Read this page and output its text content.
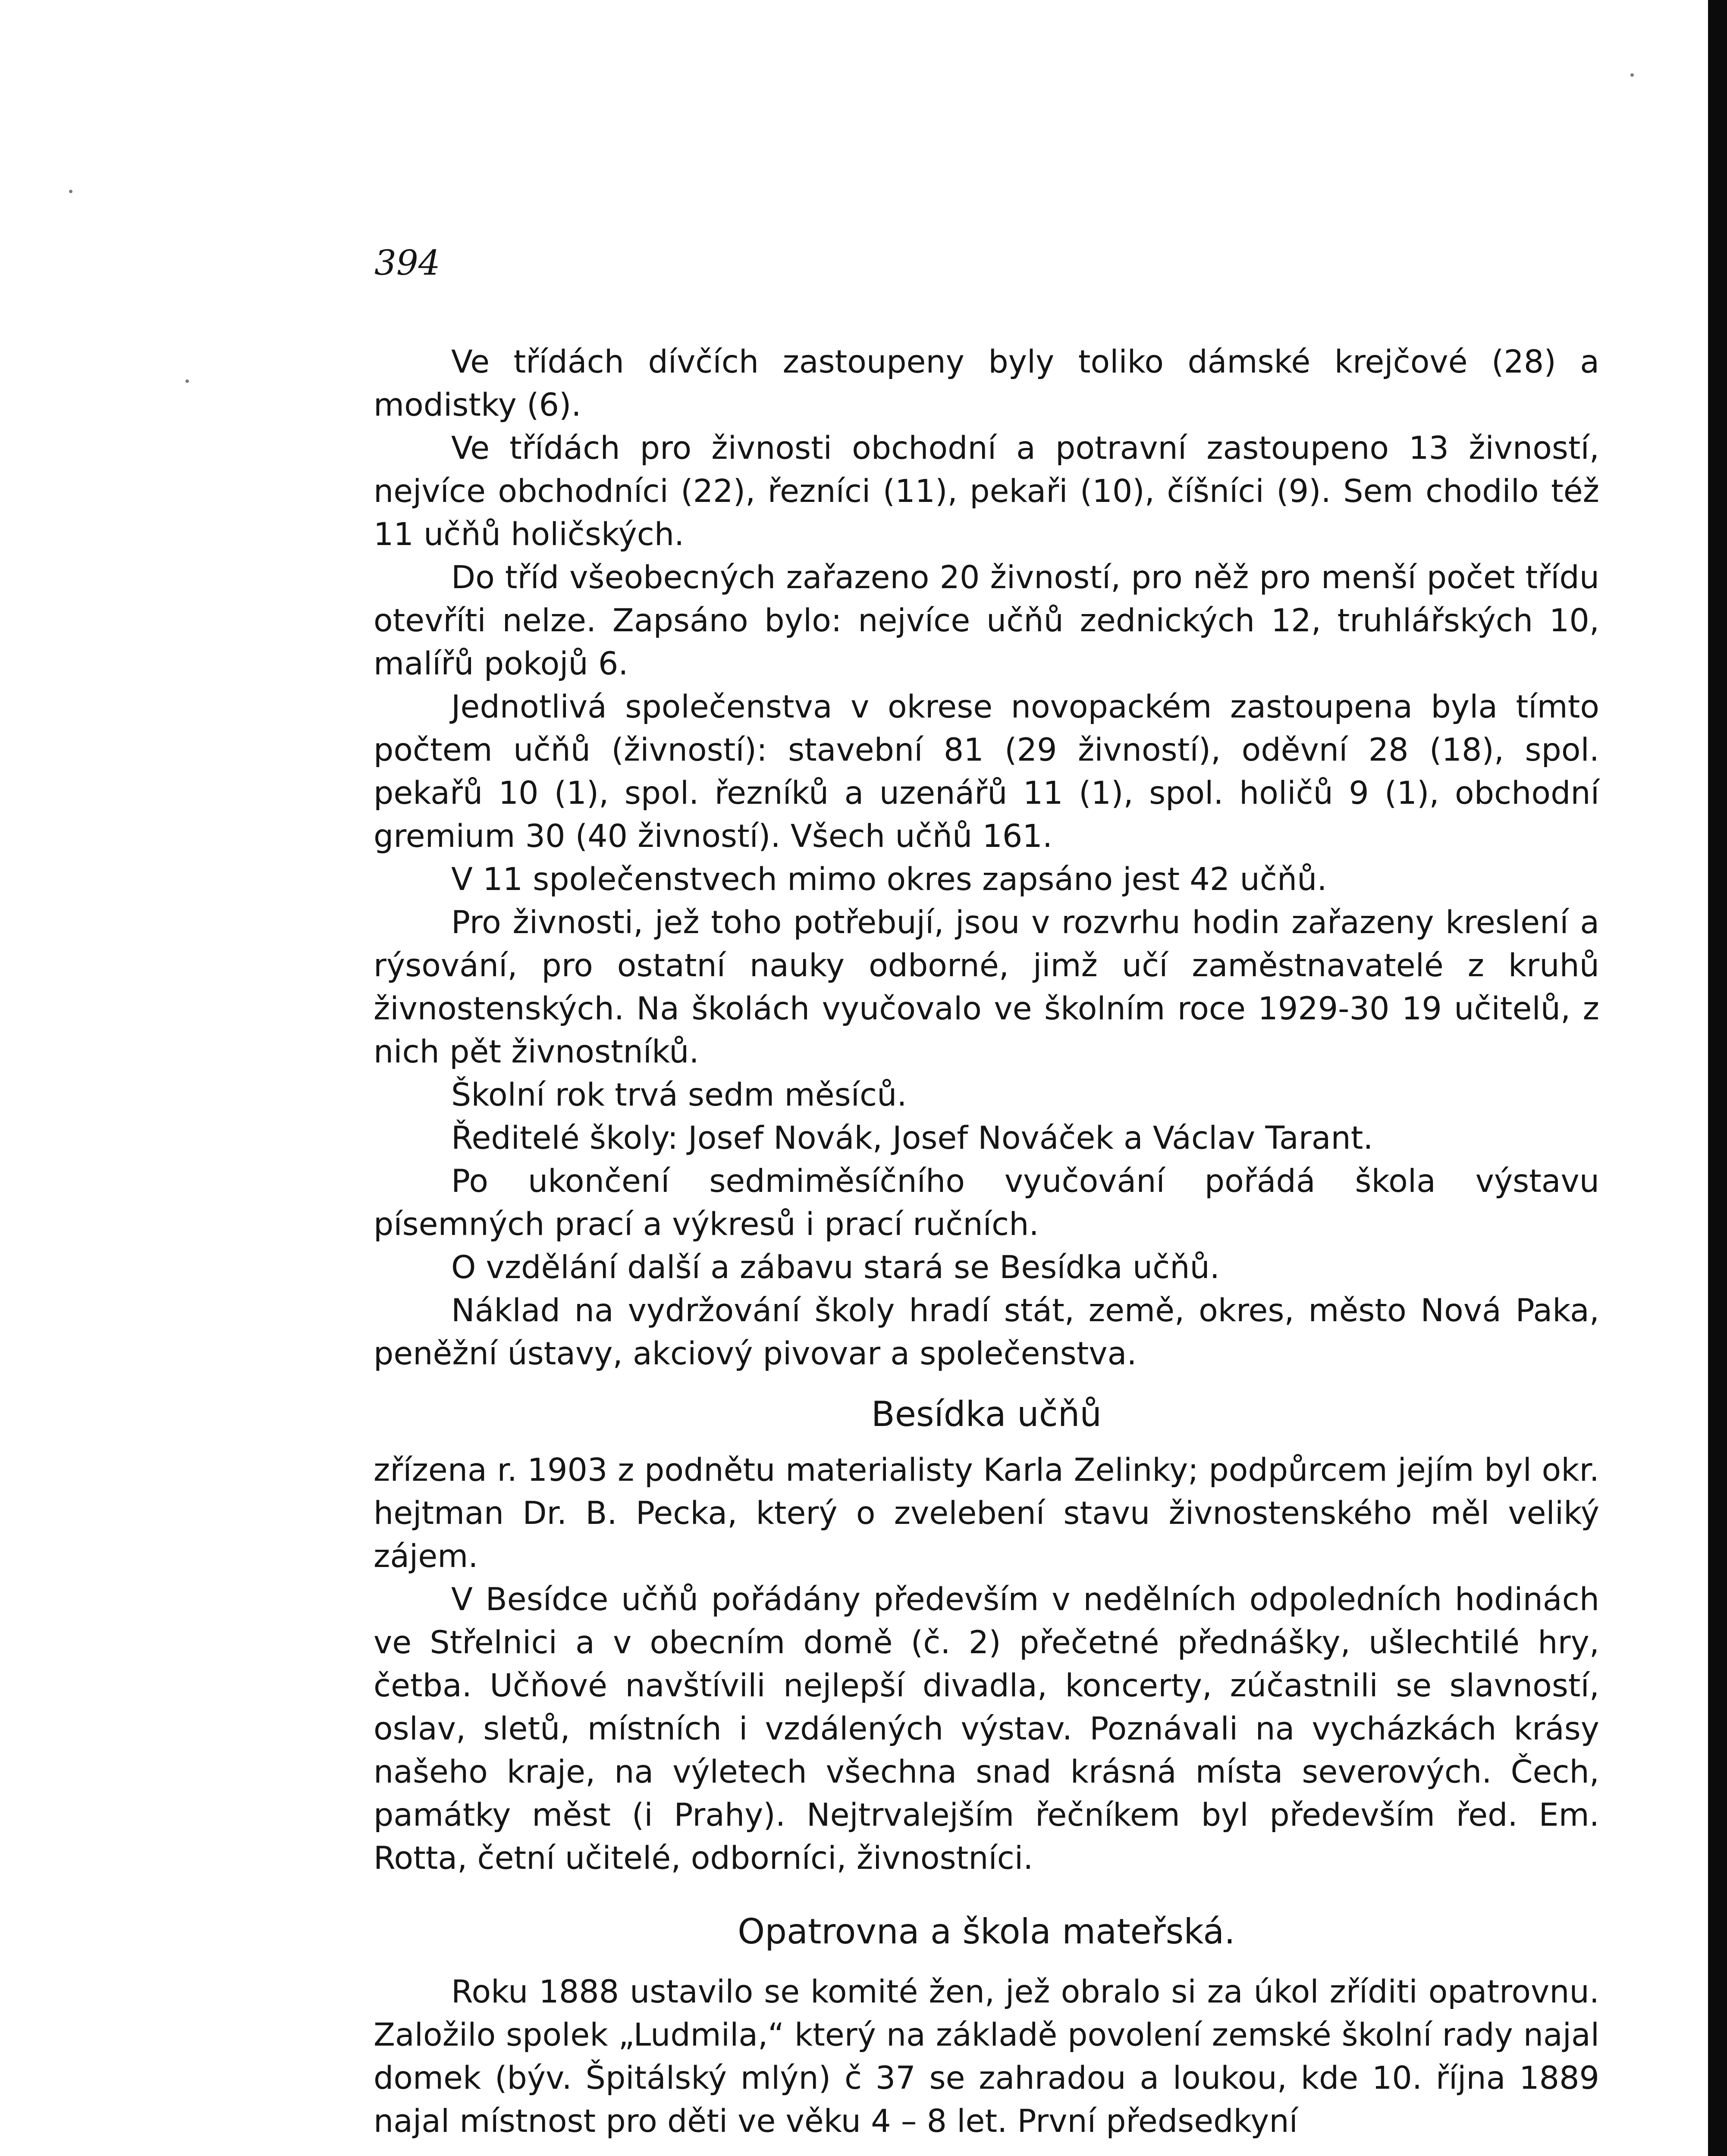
394

Ve třídách dívčích zastoupeny byly toliko dámské krejčové (28) a modistky (6).

Ve třídách pro živnosti obchodní a potravní zastoupeno 13 živností, nejvíce obchodníci (22), řezníci (11), pekaři (10), číšníci (9). Sem chodilo též 11 učňů holičských.

Do tříd všeobecných zařazeno 20 živností, pro něž pro menší počet třídu otevříti nelze. Zapsáno bylo: nejvíce učňů zednických 12, truhlářských 10, malířů pokojů 6.

Jednotlivá společenstva v okrese novopackém zastoupena byla tímto počtem učňů (živností): stavební 81 (29 živností), oděvní 28 (18), spol. pekařů 10 (1), spol. řezníků a uzenářů 11 (1), spol. holičů 9 (1), obchodní gremium 30 (40 živností). Všech učňů 161.

V 11 společenstvech mimo okres zapsáno jest 42 učňů.

Pro živnosti, jež toho potřebují, jsou v rozvrhu hodin zařazeny kreslení a rýsování, pro ostatní nauky odborné, jimž učí zaměstnavatelé z kruhů živnostenských. Na školách vyučovalo ve školním roce 1929-30 19 učitelů, z nich pět živnostníků.

Školní rok trvá sedm měsíců.

Ředitelé školy: Josef Novák, Josef Nováček a Václav Tarant.

Po ukončení sedmiměsíčního vyučování pořádá škola výstavu písemných prací a výkresů i prací ručních.

O vzdělání další a zábavu stará se Besídka učňů.

Náklad na vydržování školy hradí stát, země, okres, město Nová Paka, peněžní ústavy, akciový pivovar a společenstva.

Besídka učňů

zřízena r. 1903 z podnětu materialisty Karla Zelinky; podpůrcem jejím byl okr. hejtman Dr. B. Pecka, který o zvelebení stavu živnostenského měl veliký zájem.

V Besídce učňů pořádány především v nedělních odpoledních hodinách ve Střelnici a v obecním domě (č. 2) přečetné přednášky, ušlechtilé hry, četba. Učňové navštívili nejlepší divadla, koncerty, zúčastnili se slavností, oslav, sletů, místních i vzdálených výstav. Poznávali na vycházkách krásy našeho kraje, na výletech všechna snad krásná místa severových. Čech, památky měst (i Prahy). Nejtrvalejším řečníkem byl především řed. Em. Rotta, četní učitelé, odborníci, živnostníci.

Opatrovna a škola mateřská.

Roku 1888 ustavilo se komité žen, jež obralo si za úkol zříditi opatrovnu. Založilo spolek „Ludmila,“ který na základě povolení zemské školní rady najal domek (býv. Špitálský mlýn) č 37 se zahradou a loukou, kde 10. října 1889 najal místnost pro děti ve věku 4 – 8 let. První předsedkyní
